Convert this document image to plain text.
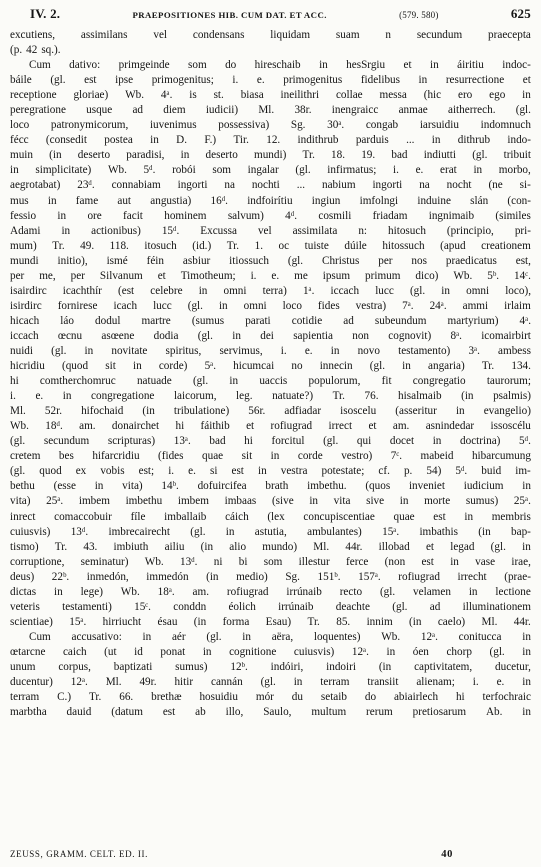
IV. 2.	PRAEPOSITIONES HIB. CUM DAT. ET ACC.	(579. 580)	625
excutiens, assimilans vel condensans liquidam suam n secundum praecepta
(p. 42 sq.).
Cum dativo: primgeinde som do hireschaib in hesSrgiu et in áiritiu indoc-
báile (gl. est ipse primogenitus; i. e. primogenitus fidelibus in resurrectione et
receptione gloriae) Wb. 4ᵃ. is st. biasa ineilithri collae messa (hic ero ego in
peregratione usque ad diem iudicii) Ml. 38r. inengraicc anmae aitherrech. (gl.
loco patronymicorum, iuvenimus possessiva) Sg. 30ᵃ. congab iarsuidiu indomnuch
fécc (consedit postea in D. F.) Tir. 12. indithrub parduis ... in dithrub indo-
muin (in deserto paradisi, in deserto mundi) Tr. 18. 19. bad indiutti (gl. tribuit
in simplicitate) Wb. 5ᵈ. robói som ingalar (gl. infirmatus; i. e. erat in morbo,
aegrotabat) 23ᵈ. connabiam ingorti na nochti ... nabium ingorti na nocht (ne si-
mus in fame aut angustia) 16ᵈ. indfoirítiu ingiun imfolngi induine slán (con-
fessio in ore facit hominem salvum) 4ᵈ. cosmili friadam ingnimaib (similes
Adami in actionibus) 15ᵈ. Excussa vel assimilata n: hitosuch (principio, pri-
mum) Tr. 49. 118. itosuch (id.) Tr. 1. oc tuiste dúile hitossuch (apud creationem
mundi initio), ismé féin asbiur itiossuch (gl. Christus per nos praedicatus est,
per me, per Silvanum et Timotheum; i. e. me ipsum primum dico) Wb. 5ᵇ. 14ᶜ.
isairdirc icachthír (est celebre in omni terra) 1ᵃ. iccach lucc (gl. in omni loco),
isirdirc fornirese icach lucc (gl. in omni loco fides vestra) 7ᵃ. 24ᵃ. ammi irlaim
hicach láo dodul martre (sumus parati cotidie ad subeundum martyrium) 4ᵃ.
iccach œcnu asœene dodia (gl. in dei sapientia non cognovit) 8ᵃ. icomairbirt
nuidi (gl. in novitate spiritus, servimus, i. e. in novo testamento) 3ᵃ. ambess
hicridiu (quod sit in corde) 5ᵃ. hicumcai no innecin (gl. in angaria) Tr. 134.
hi comtherchomruc natuade (gl. in uaccis populorum, fit congregatio taurorum;
i. e. in congregatione laicorum, leg. natuate?) Tr. 76. hisalmaib (in psalmis)
Ml. 52r. hifochaid (in tribulatione) 56r. adfiadar isoscelu (asseritur in evangelio)
Wb. 18ᵈ. am. donairchet hi fáithib et rofiugrad irrect et am. asnindedar issoscélu
(gl. secundum scripturas) 13ᵃ. bad hi forcitul (gl. qui docet in doctrina) 5ᵈ.
cretem bes hifarcridiu (fides quae sit in corde vestro) 7ᶜ. mabeid hibarcumung
(gl. quod ex vobis est; i. e. si est in vestra potestate; cf. p. 54) 5ᵈ. buid im-
bethu (esse in vita) 14ᵇ. dofuircifea brath imbethu. (quos inveniet iudicium in
vita) 25ᵃ. imbem imbethu imbem imbaas (sive in vita sive in morte sumus) 25ᵃ.
inrect comaccobuir fíle imballaib cáich (lex concupiscentiae quae est in membris
cuiusvis) 13ᵈ. imbrecairecht (gl. in astutia, ambulantes) 15ᵃ. imbathis (in bap-
tismo) Tr. 43. imbiuth ailiu (in alio mundo) Ml. 44r. illobad et legad (gl. in
corruptione, seminatur) Wb. 13ᵈ. ni bi som illestur ferce (non est in vase irae,
deus) 22ᵇ. inmedón, immedón (in medio) Sg. 151ᵇ. 157ᵃ. rofiugrad irrecht (prae-
dictas in lege) Wb. 18ᵃ. am. rofiugrad irrúnaib recto (gl. velamen in lectione
veteris testamenti) 15ᶜ. conddn éolich irrúnaib deachte (gl. ad illuminationem
scientiae) 15ᵃ. hirriucht ésau (in forma Esau) Tr. 85. innim (in caelo) Ml. 44r.
Cum accusativo: in aér (gl. in aëra, loquentes) Wb. 12ᵃ. conitucca in
œtarcne caich (ut id ponat in cognitione cuiusvis) 12ᵃ. in óen chorp (gl. in
unum corpus, baptizati sumus) 12ᵇ. indóiri, indoiri (in captivitatem, ducetur,
ducentur) 12ᵃ. Ml. 49r. hitir cannán (gl. in terram transiit alienam; i. e. in
terram C.) Tr. 66. brethæ hosuidiu mór du setaib do abiairlech hi terfochraic
marbtha dauid (datum est ab illo, Saulo, multum rerum pretiosarum Ab. in
ZEUSS, GRAMM. CELT. ED. II.	40
